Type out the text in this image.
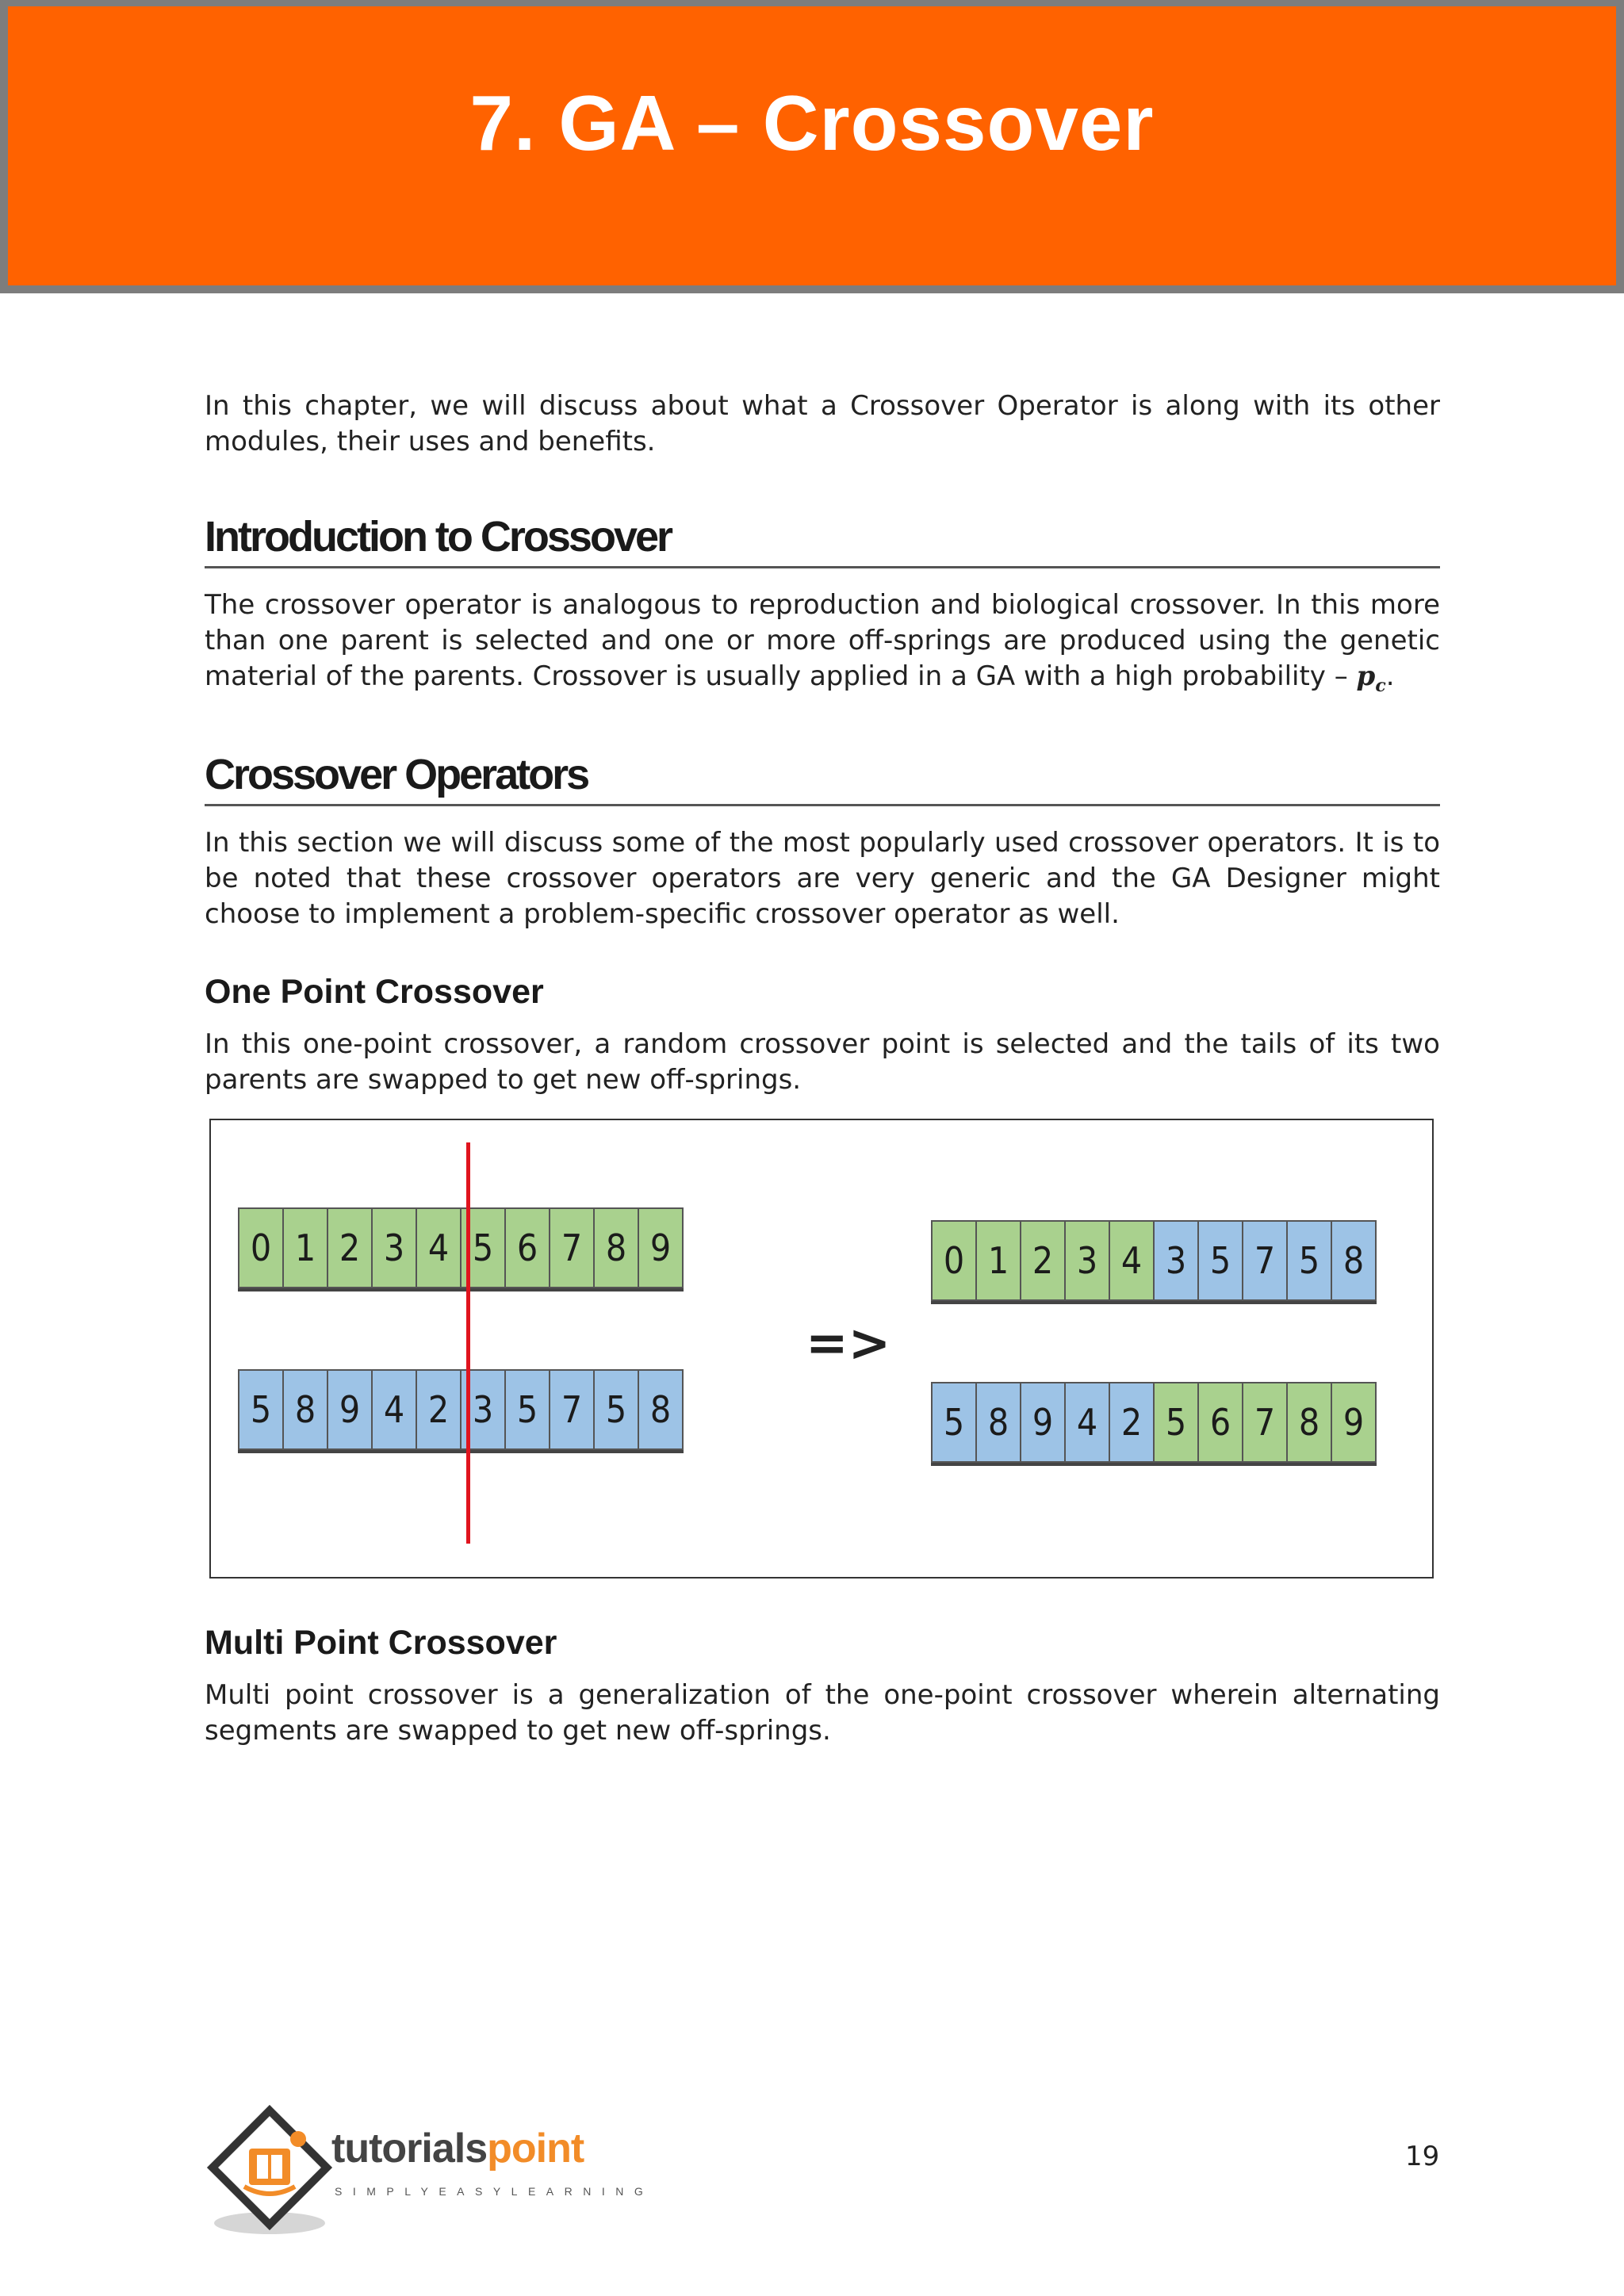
7. GA – Crossover

In this chapter, we will discuss about what a Crossover Operator is along with its other modules, their uses and benefits.

Introduction to Crossover

The crossover operator is analogous to reproduction and biological crossover. In this more than one parent is selected and one or more off-springs are produced using the genetic material of the parents. Crossover is usually applied in a GA with a high probability – $p_c$.

Crossover Operators

In this section we will discuss some of the most popularly used crossover operators. It is to be noted that these crossover operators are very generic and the GA Designer might choose to implement a problem-specific crossover operator as well.

One Point Crossover

In this one-point crossover, a random crossover point is selected and the tails of its two parents are swapped to get new off-springs.

0 1 2 3 4 5 6 7 8 9
5 8 9 4 2 3 5 7 5 8
=>
0 1 2 3 4 3 5 7 5 8
5 8 9 4 2 5 6 7 8 9
Multi Point Crossover

Multi point crossover is a generalization of the one-point crossover wherein alternating segments are swapped to get new off-springs.

tutorialspoint
SIMPLYEASYLEARNING
19
